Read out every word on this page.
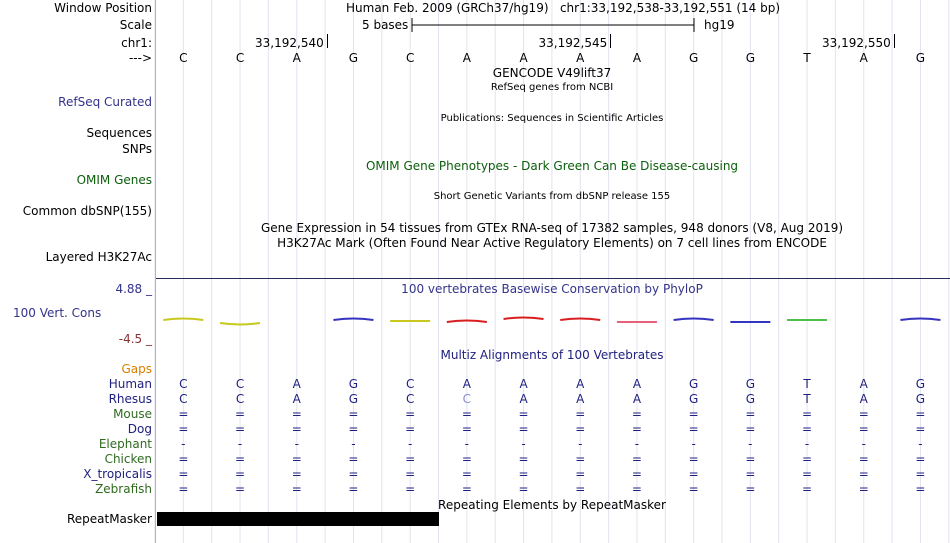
Window Position	Human Feb. 2009 (GRCh37/hg19)   chr1:33,192,538-33,192,551 (14 bp)
Scale	5 bases	hg19
chr1:	33,192,540	33,192,545	33,192,550
---> C	C	A	G	C	A	A	A	A	G	G	T	A	G
GENCODE V49lift37
RefSeq genes from NCBI
RefSeq Curated
Publications: Sequences in Scientific Articles
Sequences
SNPs
OMIM Gene Phenotypes - Dark Green Can Be Disease-causing
OMIM Genes
Short Genetic Variants from dbSNP release 155
Common dbSNP(155)
Gene Expression in 54 tissues from GTEx RNA-seq of 17382 samples, 948 donors (V8, Aug 2019)
H3K27Ac Mark (Often Found Near Active Regulatory Elements) on 7 cell lines from ENCODE
Layered H3K27Ac
100 vertebrates Basewise Conservation by PhyloP
4.88 _
100 Vert. Cons
-4.5 _
Multiz Alignments of 100 Vertebrates
Gaps
Human C	C	A	G	C	A	A	A	A	G	G	T	A	G
Rhesus C	C	A	G	C	C	A	A	A	G	G	T	A	G
Mouse =	=	=	=	=	=	=	=	=	=	=	=	=	=
Dog =	=	=	=	=	=	=	=	=	=	=	=	=	=
Elephant -	-	-	-	-	-	-	-	-	-	-	-	-	-
Chicken =	=	=	=	=	=	=	=	=	=	=	=	=	=
X_tropicalis =	=	=	=	=	=	=	=	=	=	=	=	=	=
Zebrafish =	=	=	=	=	=	=	=	=	=	=	=	=	=
Repeating Elements by RepeatMasker
RepeatMasker
